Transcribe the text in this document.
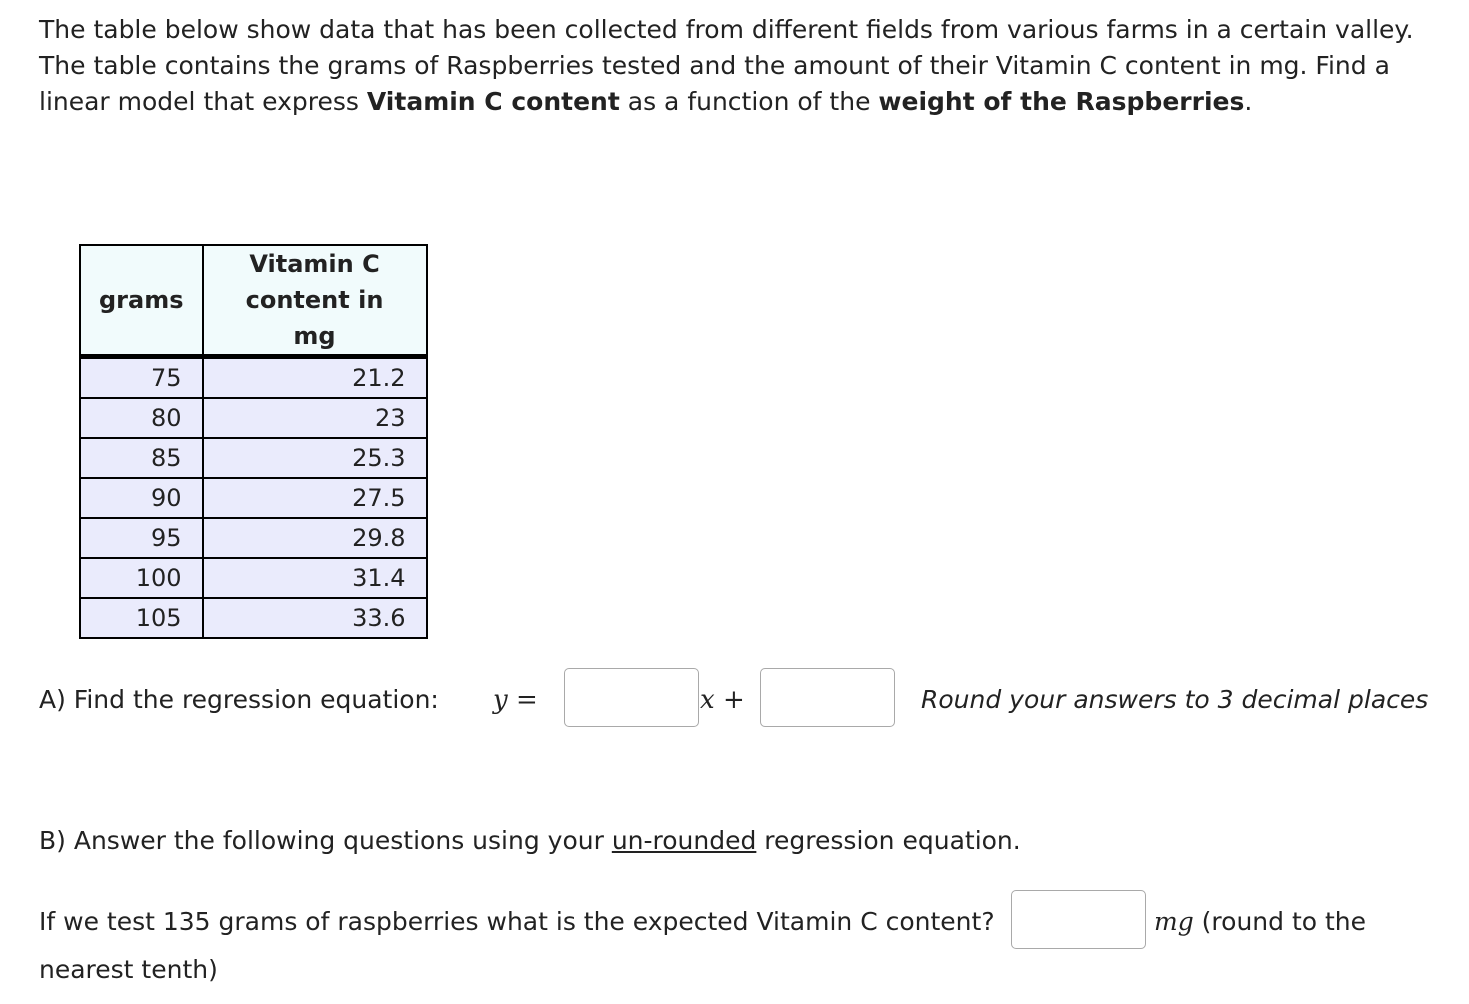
The table below show data that has been collected from different fields from various farms in a certain valley. The table contains the grams of Raspberries tested and the amount of their Vitamin C content in mg. Find a linear model that express Vitamin C content as a function of the weight of the Raspberries.

grams	Vitamin C
content in mg
75	21.2
80	23
85	25.3
90	27.5
95	29.8
100	31.4
105	33.6
A) Find the regression equation: y =	x +	Round your answers to 3 decimal places
B) Answer the following questions using your un-rounded regression equation.
If we test 135 grams of raspberries what is the expected Vitamin C content?	mg (round to the
nearest tenth)
